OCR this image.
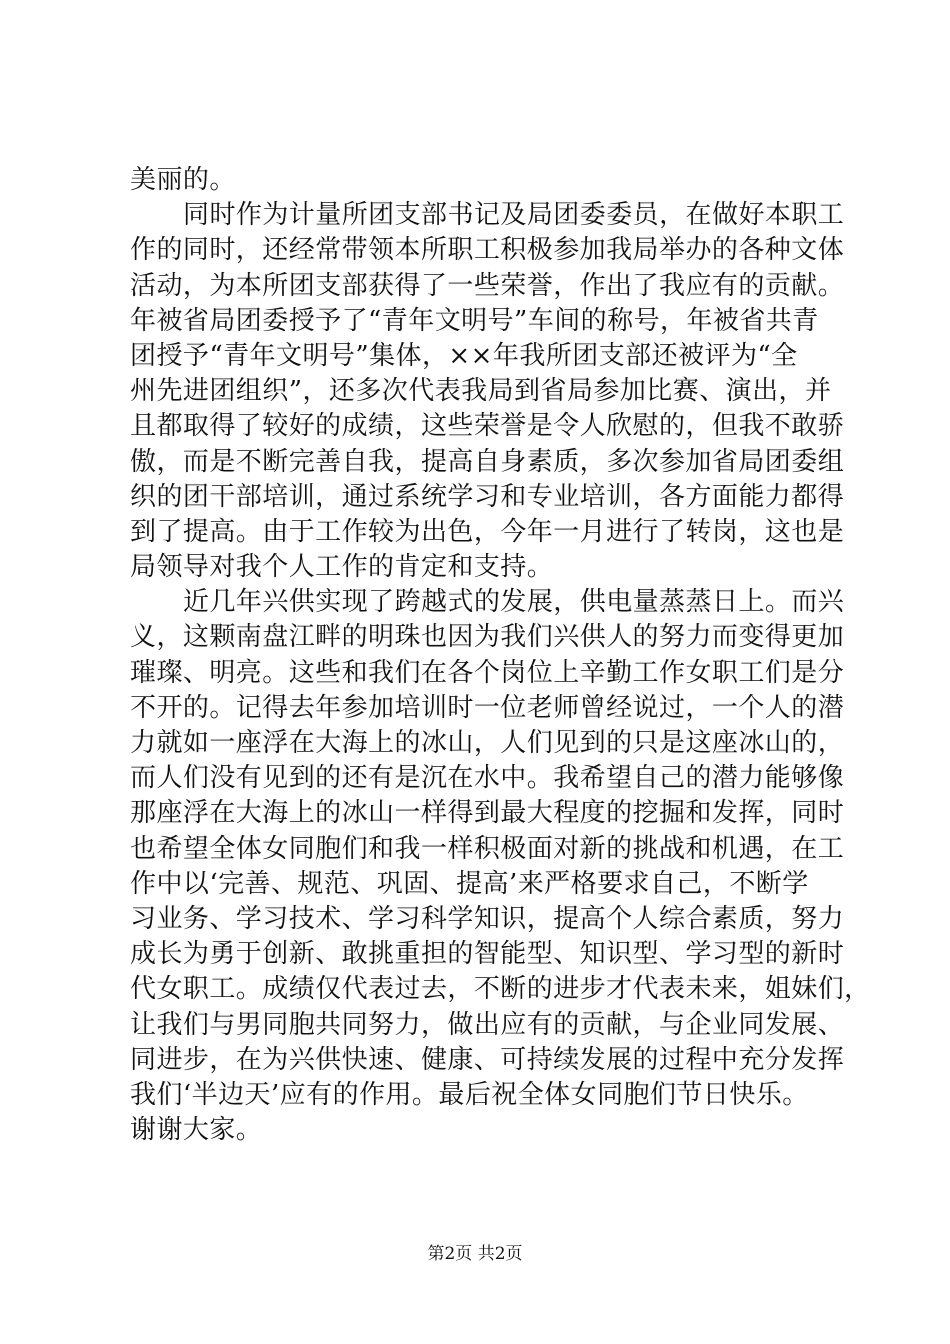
美丽的。
同时作为计量所团支部书记及局团委委员，在做好本职工
作的同时，还经常带领本所职工积极参加我局举办的各种文体
活动，为本所团支部获得了一些荣誉，作出了我应有的贡献。
年被省局团委授予了“青年文明号”车间的称号，年被省共青
团授予“青年文明号”集体，××年我所团支部还被评为“全
州先进团组织”，还多次代表我局到省局参加比赛、演出，并
且都取得了较好的成绩，这些荣誉是令人欣慰的，但我不敢骄
傲，而是不断完善自我，提高自身素质，多次参加省局团委组
织的团干部培训，通过系统学习和专业培训，各方面能力都得
到了提高。由于工作较为出色，今年一月进行了转岗，这也是
局领导对我个人工作的肯定和支持。
近几年兴供实现了跨越式的发展，供电量蒸蒸日上。而兴
义，这颗南盘江畔的明珠也因为我们兴供人的努力而变得更加
璀璨、明亮。这些和我们在各个岗位上辛勤工作女职工们是分
不开的。记得去年参加培训时一位老师曾经说过，一个人的潜
力就如一座浮在大海上的冰山，人们见到的只是这座冰山的，
而人们没有见到的还有是沉在水中。我希望自己的潜力能够像
那座浮在大海上的冰山一样得到最大程度的挖掘和发挥，同时
也希望全体女同胞们和我一样积极面对新的挑战和机遇，在工
作中以‘完善、规范、巩固、提高’来严格要求自己，不断学
习业务、学习技术、学习科学知识，提高个人综合素质，努力
成长为勇于创新、敢挑重担的智能型、知识型、学习型的新时
代女职工。成绩仅代表过去，不断的进步才代表未来，姐妹们，
让我们与男同胞共同努力，做出应有的贡献，与企业同发展、
同进步，在为兴供快速、健康、可持续发展的过程中充分发挥
我们‘半边天’应有的作用。最后祝全体女同胞们节日快乐。
谢谢大家。
第2页 共2页
